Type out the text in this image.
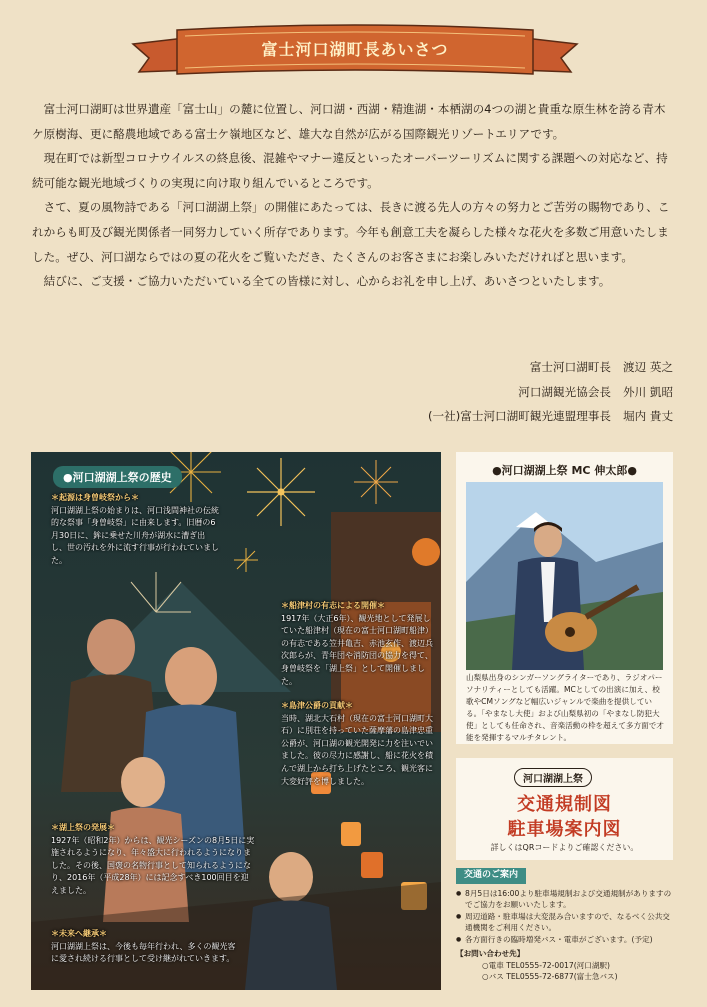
富士河口湖町長あいさつ

富士河口湖町は世界遺産「富士山」の麓に位置し、河口湖・西湖・精進湖・本栖湖の4つの湖と貴重な原生林を誇る青木ケ原樹海、更に酪農地域である富士ケ嶺地区など、雄大な自然が広がる国際観光リゾートエリアです。

現在町では新型コロナウイルスの終息後、混雑やマナー違反といったオーバーツーリズムに関する課題への対応など、持続可能な観光地域づくりの実現に向け取り組んでいるところです。

さて、夏の風物詩である「河口湖湖上祭」の開催にあたっては、長きに渡る先人の方々の努力とご苦労の賜物であり、これからも町及び観光関係者一同努力していく所存であります。今年も創意工夫を凝らした様々な花火を多数ご用意いたしました。ぜひ、河口湖ならではの夏の花火をご覧いただき、たくさんのお客さまにお楽しみいただければと思います。

結びに、ご支援・ご協力いただいている全ての皆様に対し、心からお礼を申し上げ、あいさつといたします。

富士河口湖町長 渡辺 英之
河口湖観光協会長 外川 凱昭
(一社)富士河口湖町観光連盟理事長 堀内 貴丈
●河口湖湖上祭の歴史
＊起源は身曽岐祭から＊
河口湖湖上祭の始まりは、河口浅間神社の伝統的な祭事「身曽岐祭」に由来します。旧暦の6月30日に、鉾に乗せた川舟が湖水に漕ぎ出し、世の汚れを外に流す行事が行われていました。
＊船津村の有志による開催＊
1917年（大正6年）、観光地として発展していた船津村（現在の富士河口湖町船津）の有志である笠井亀吉、赤池玄作、渡辺兵次郎らが、青年団や消防団の協力を得て、身曽岐祭を「湖上祭」として開催しました。
＊島津公爵の貢献＊
当時、湖北大石村（現在の富士河口湖町大石）に別荘を持っていた薩摩藩の島津忠重公爵が、河口湖の観光開発に力を注いでいました。彼の尽力に感謝し、船に花火を積んで湖上から打ち上げたところ、観光客に大変好評を博しました。
＊湖上祭の発展＊
1927年（昭和2年）からは、観光シーズンの8月5日に実施されるようになり、年々盛大に行われるようになりました。その後、国褒の名物行事として知られるようになり、2016年（平成28年）には記念すべき100回目を迎えました。
＊未来へ継承＊
河口湖湖上祭は、今後も毎年行われ、多くの観光客に愛され続ける行事として受け継がれていきます。
●河口湖湖上祭 MC 伸太郎●
山梨県出身のシンガーソングライターであり、ラジオパーソナリティーとしても活躍。MCとしての出演に加え、校歌やCMソングなど幅広いジャンルで楽曲を提供している。「やまなし大使」および山梨県初の「やまなし防犯大使」としても任命され、音楽活動の枠を超えて多方面で才能を発揮するマルチタレント。
河口湖湖上祭
交通規制図
駐車場案内図
詳しくはQRコードよりご確認ください。
交通のご案内
● 8月5日は16:00より駐車場規制および交通規制がありますのでご協力をお願いいたします。
● 周辺道路・駐車場は大変混み合いますので、なるべく公共交通機関をご利用ください。
● 各方面行きの臨時増発バス・電車がございます。(予定)
【お問い合わせ先】
○電車 TEL0555-72-0017(河口湖駅)
○バス TEL0555-72-6877(富士急バス)
